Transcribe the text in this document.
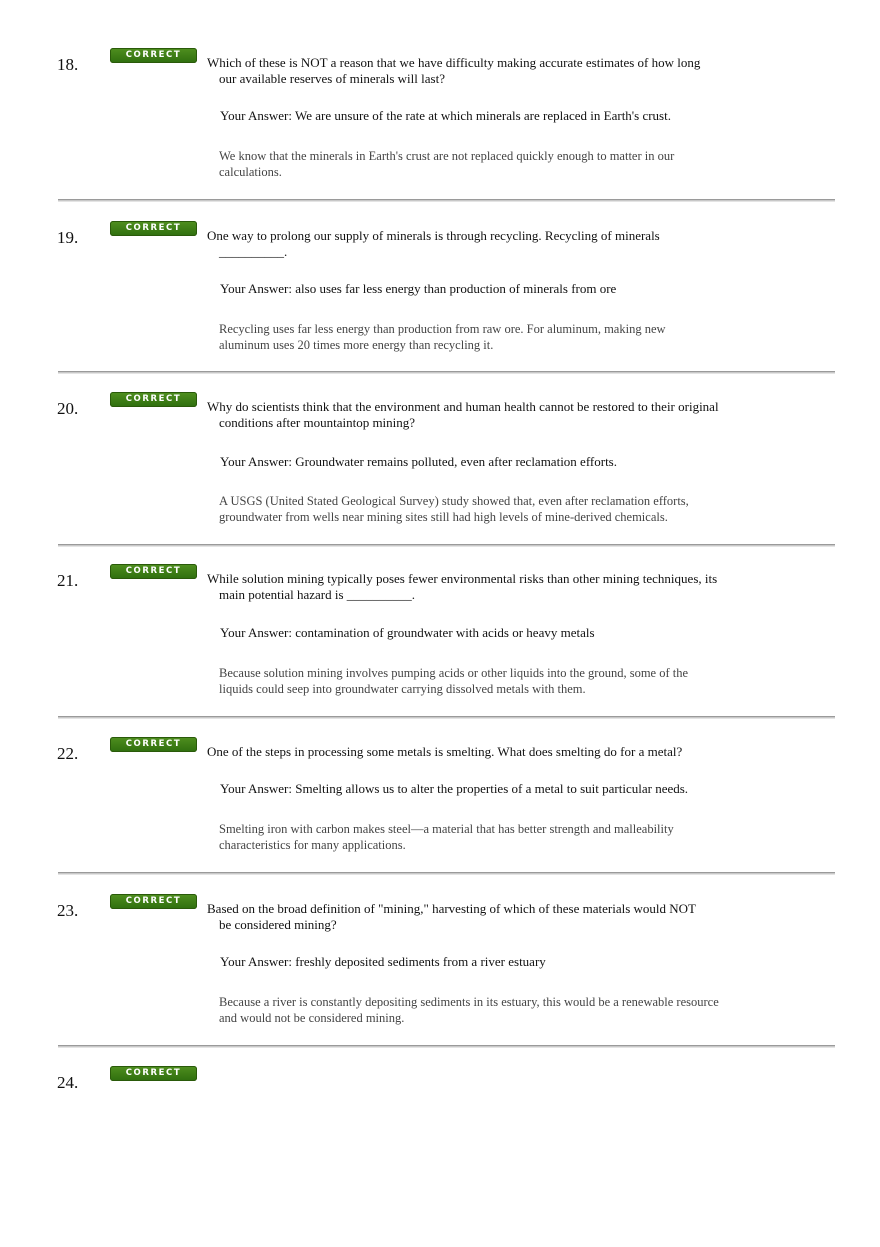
18.	CORRECT	Which of these is NOT a reason that we have difficulty making accurate estimates of how long our available reserves of minerals will last?
Your Answer: We are unsure of the rate at which minerals are replaced in Earth's crust.
We know that the minerals in Earth's crust are not replaced quickly enough to matter in our calculations.
19.	CORRECT	One way to prolong our supply of minerals is through recycling. Recycling of minerals __________.
Your Answer: also uses far less energy than production of minerals from ore
Recycling uses far less energy than production from raw ore. For aluminum, making new aluminum uses 20 times more energy than recycling it.
20.	CORRECT	Why do scientists think that the environment and human health cannot be restored to their original conditions after mountaintop mining?
Your Answer: Groundwater remains polluted, even after reclamation efforts.
A USGS (United Stated Geological Survey) study showed that, even after reclamation efforts, groundwater from wells near mining sites still had high levels of mine-derived chemicals.
21.	CORRECT	While solution mining typically poses fewer environmental risks than other mining techniques, its main potential hazard is __________.
Your Answer: contamination of groundwater with acids or heavy metals
Because solution mining involves pumping acids or other liquids into the ground, some of the liquids could seep into groundwater carrying dissolved metals with them.
22.	CORRECT	One of the steps in processing some metals is smelting. What does smelting do for a metal?
Your Answer: Smelting allows us to alter the properties of a metal to suit particular needs.
Smelting iron with carbon makes steel—a material that has better strength and malleability characteristics for many applications.
23.	CORRECT	Based on the broad definition of "mining," harvesting of which of these materials would NOT be considered mining?
Your Answer: freshly deposited sediments from a river estuary
Because a river is constantly depositing sediments in its estuary, this would be a renewable resource and would not be considered mining.
24.	CORRECT
